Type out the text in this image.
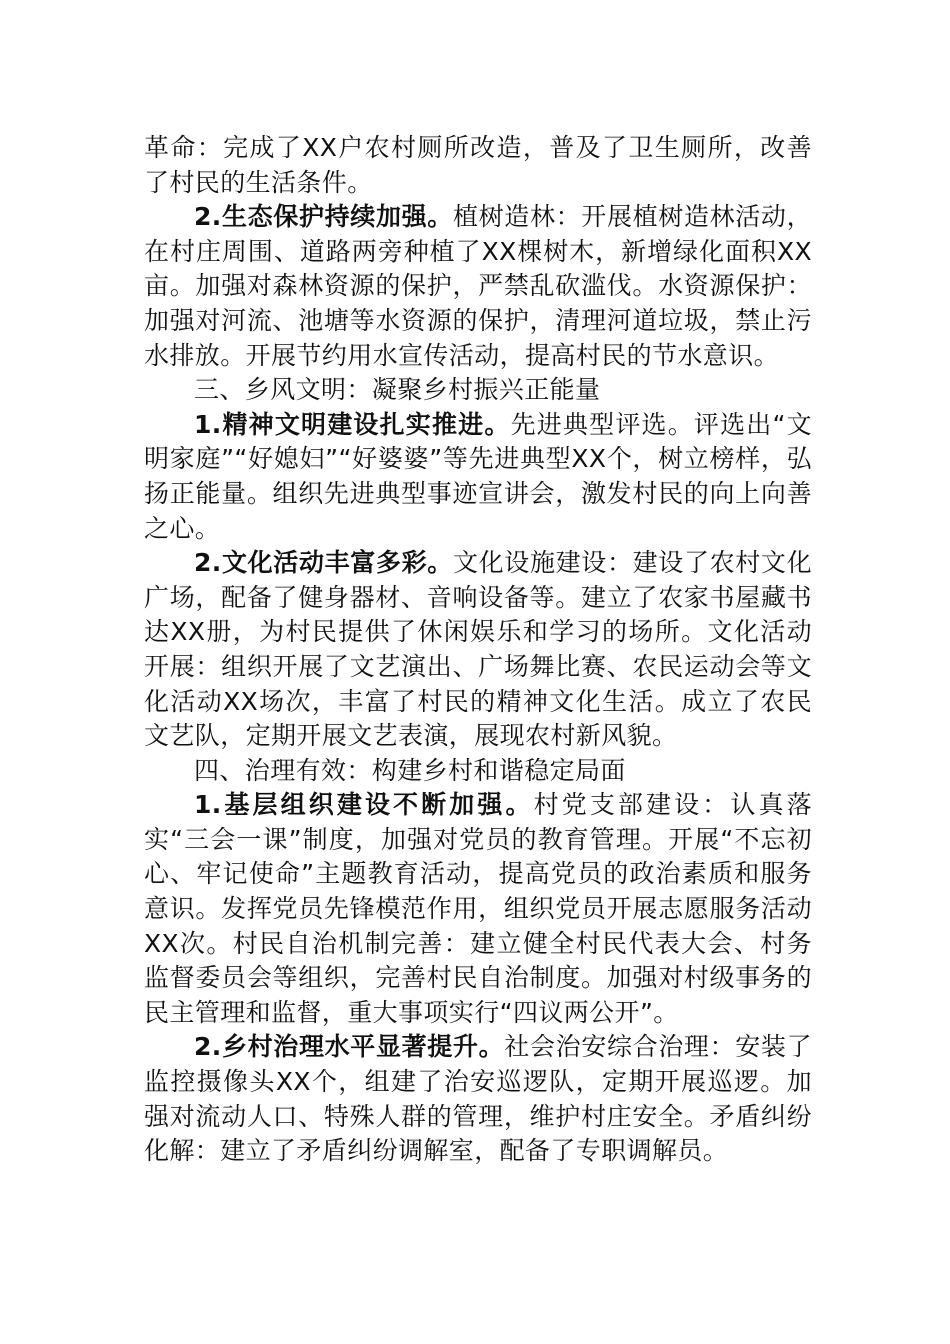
革命：完成了XX户农村厕所改造，普及了卫生厕所，改善了村民的生活条件。

2.生态保护持续加强。植树造林：开展植树造林活动，在村庄周围、道路两旁种植了XX棵树木，新增绿化面积XX亩。加强对森林资源的保护，严禁乱砍滥伐。水资源保护：加强对河流、池塘等水资源的保护，清理河道垃圾，禁止污水排放。开展节约用水宣传活动，提高村民的节水意识。

三、乡风文明：凝聚乡村振兴正能量

1.精神文明建设扎实推进。先进典型评选。评选出“文明家庭”“好媳妇”“好婆婆”等先进典型XX个，树立榜样，弘扬正能量。组织先进典型事迹宣讲会，激发村民的向上向善之心。

2.文化活动丰富多彩。文化设施建设：建设了农村文化广场，配备了健身器材、音响设备等。建立了农家书屋藏书达XX册，为村民提供了休闲娱乐和学习的场所。文化活动开展：组织开展了文艺演出、广场舞比赛、农民运动会等文化活动XX场次，丰富了村民的精神文化生活。成立了农民文艺队，定期开展文艺表演，展现农村新风貌。

四、治理有效：构建乡村和谐稳定局面

1.基层组织建设不断加强。村党支部建设：认真落实“三会一课”制度，加强对党员的教育管理。开展“不忘初心、牢记使命”主题教育活动，提高党员的政治素质和服务意识。发挥党员先锋模范作用，组织党员开展志愿服务活动XX次。村民自治机制完善：建立健全村民代表大会、村务监督委员会等组织，完善村民自治制度。加强对村级事务的民主管理和监督，重大事项实行“四议两公开”。

2.乡村治理水平显著提升。社会治安综合治理：安装了监控摄像头XX个，组建了治安巡逻队，定期开展巡逻。加强对流动人口、特殊人群的管理，维护村庄安全。矛盾纠纷化解：建立了矛盾纠纷调解室，配备了专职调解员。
